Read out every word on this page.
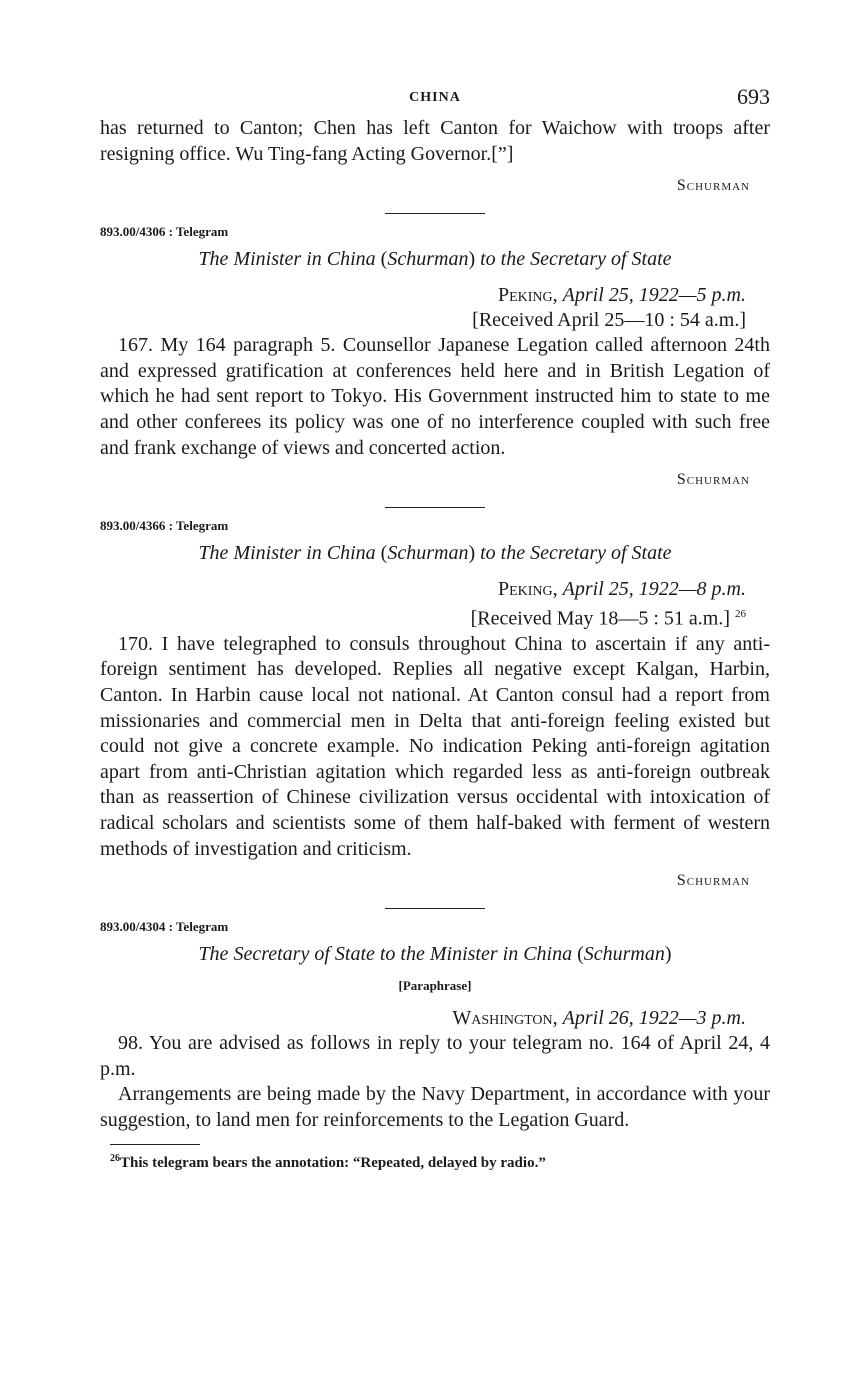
CHINA	693

has returned to Canton; Chen has left Canton for Waichow with troops after resigning office. Wu Ting-fang Acting Governor.[”]

Schurman
893.00/4306 : Telegram
The Minister in China (Schurman) to the Secretary of State
Peking, April 25, 1922—5 p.m.
[Received April 25—10 : 54 a.m.]

167. My 164 paragraph 5. Counsellor Japanese Legation called afternoon 24th and expressed gratification at conferences held here and in British Legation of which he had sent report to Tokyo. His Government instructed him to state to me and other conferees its policy was one of no interference coupled with such free and frank exchange of views and concerted action.

Schurman
893.00/4366 : Telegram
The Minister in China (Schurman) to the Secretary of State
Peking, April 25, 1922—8 p.m.
[Received May 18—5 : 51 a.m.] $^{26}$

170. I have telegraphed to consuls throughout China to ascertain if any anti-foreign sentiment has developed. Replies all negative except Kalgan, Harbin, Canton. In Harbin cause local not national. At Canton consul had a report from missionaries and commercial men in Delta that anti-foreign feeling existed but could not give a concrete example. No indication Peking anti-foreign agitation apart from anti-Christian agitation which regarded less as anti-foreign outbreak than as reassertion of Chinese civilization versus occidental with intoxication of radical scholars and scientists some of them half-baked with ferment of western methods of investigation and criticism.

Schurman
893.00/4304 : Telegram
The Secretary of State to the Minister in China (Schurman)
[Paraphrase]
Washington, April 26, 1922—3 p.m.

98. You are advised as follows in reply to your telegram no. 164 of April 24, 4 p.m.

Arrangements are being made by the Navy Department, in accordance with your suggestion, to land men for reinforcements to the Legation Guard.

$^{26}$This telegram bears the annotation: “Repeated, delayed by radio.”
